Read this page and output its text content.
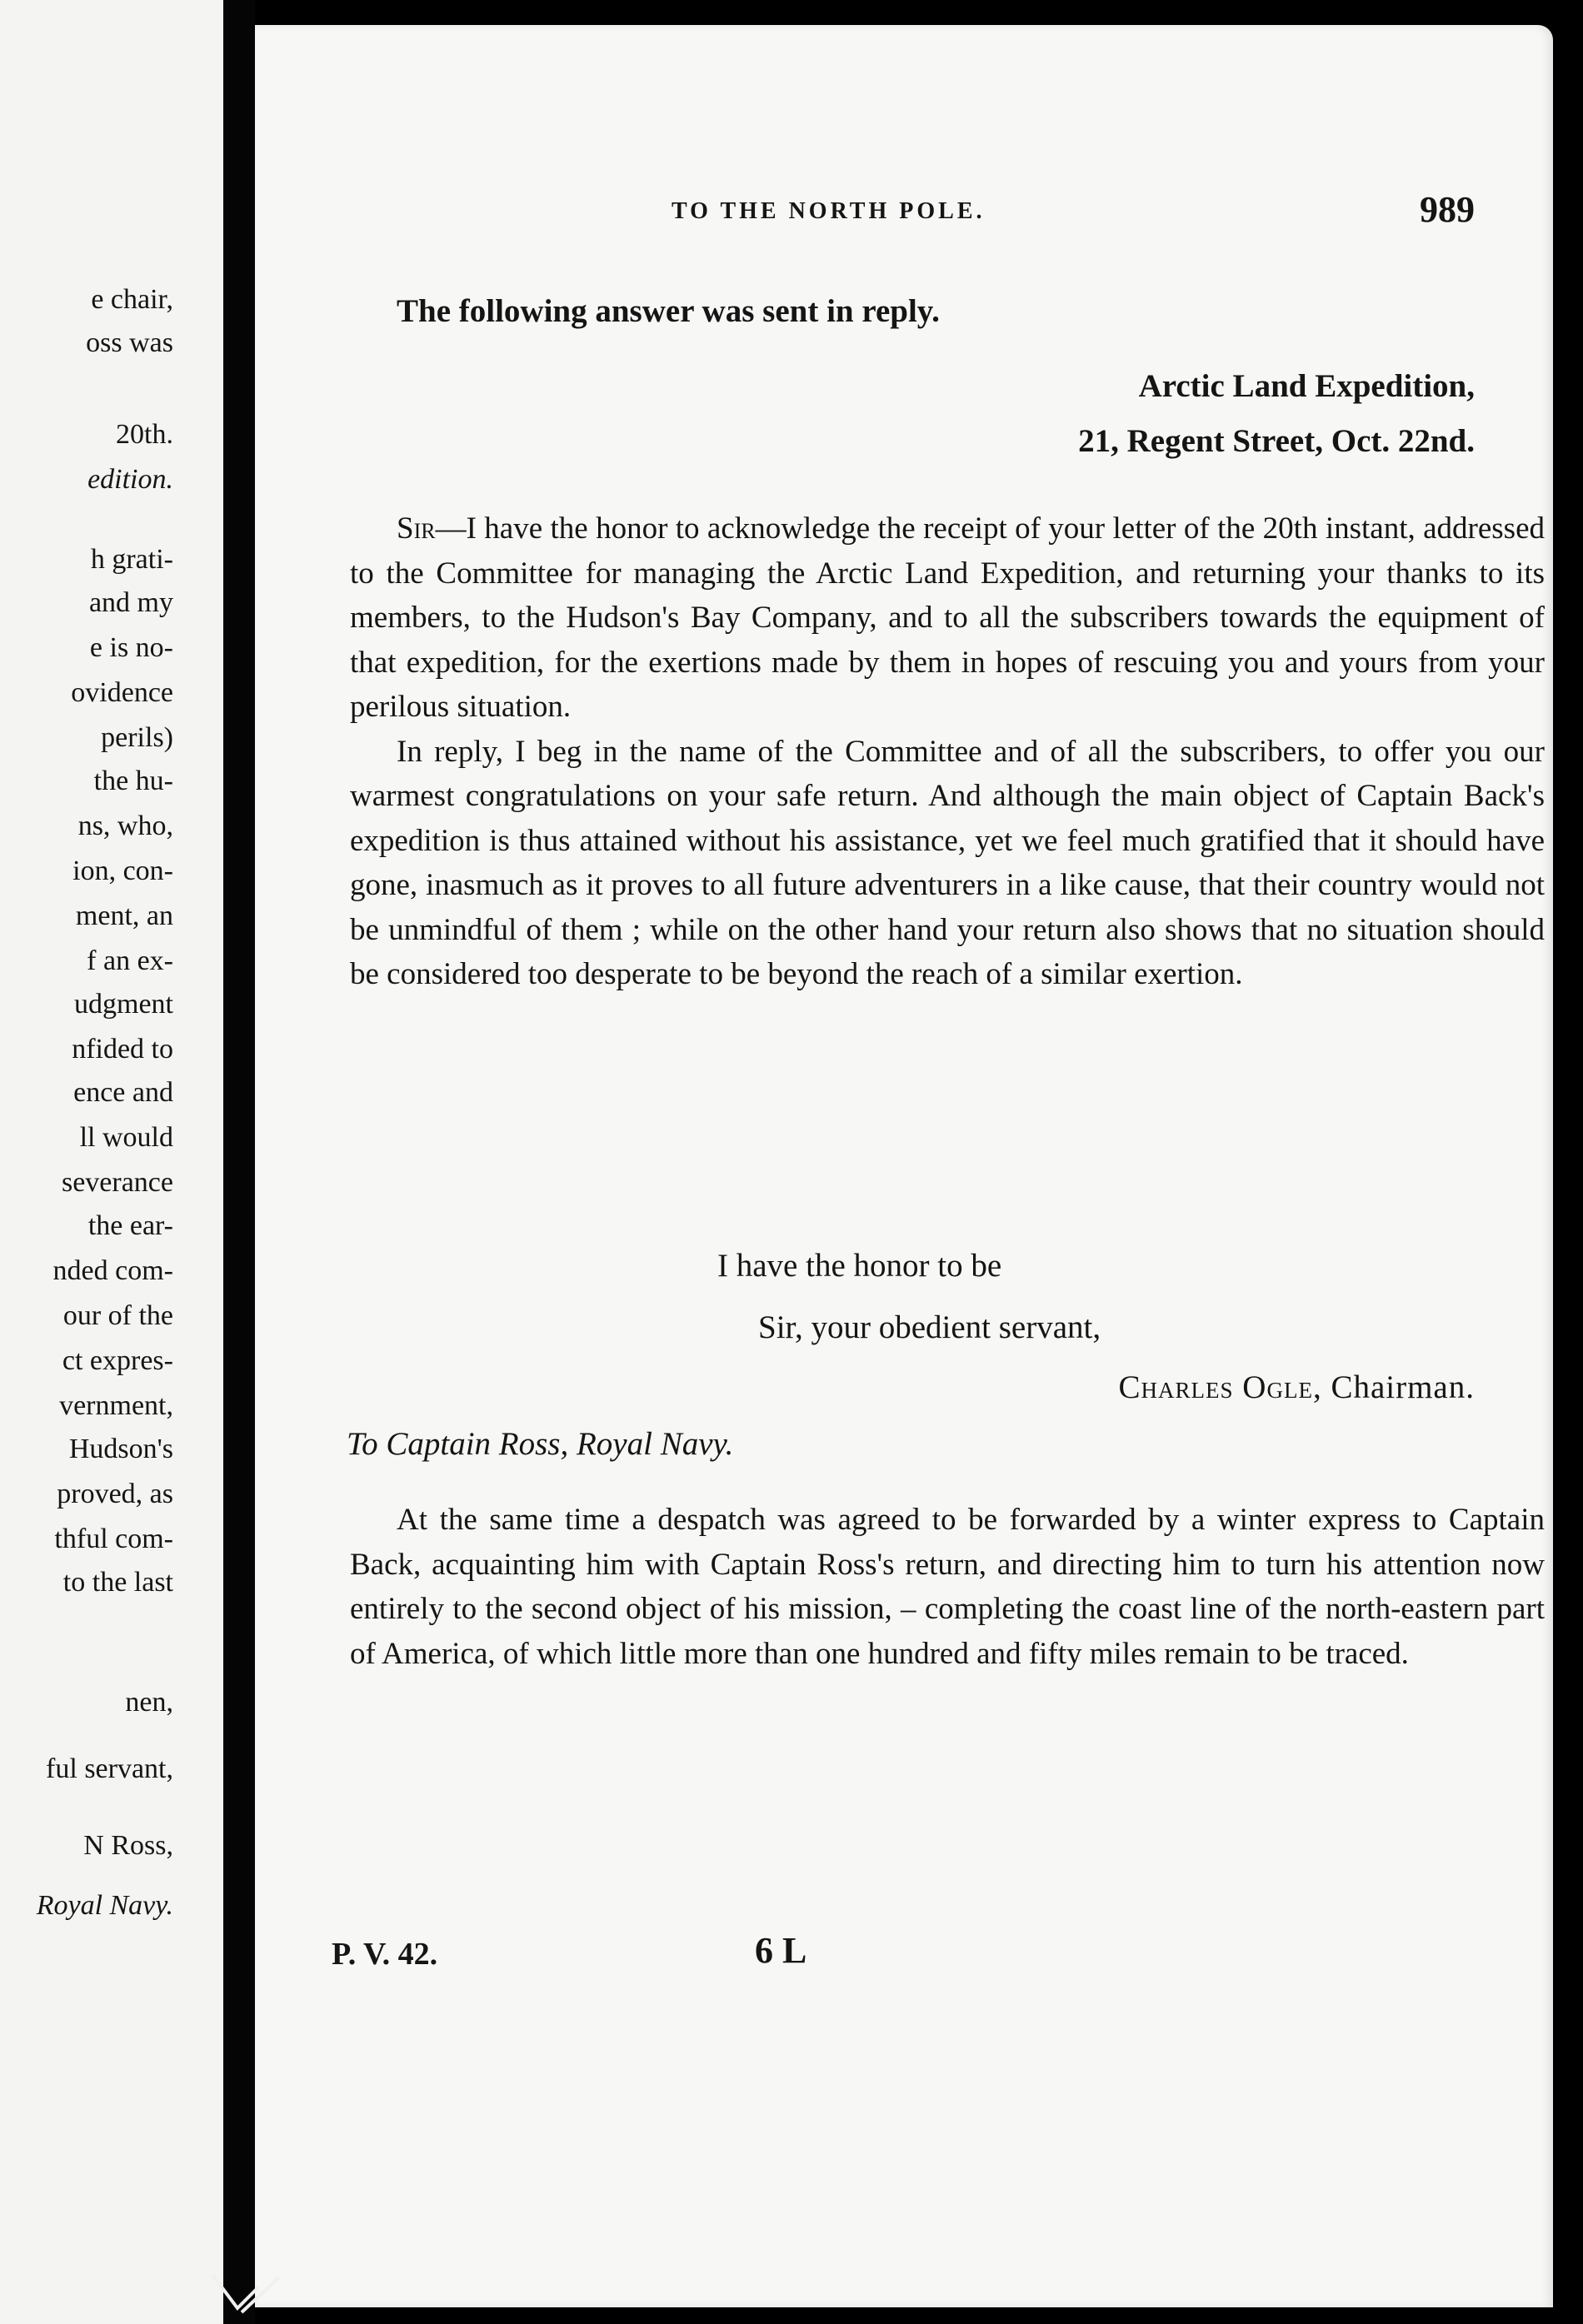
e chair,
oss was
20th.
edition.
h grati-
and my
e is no-
ovidence
perils)
the hu-
ns, who,
ion, con-
ment, an
f an ex-
udgment
nfided to
ence and
ll would
severance
the ear-
nded com-
our of the
ct expres-
vernment,
Hudson's
proved, as
thful com-
to the last
nen,
ful servant,
N Ross,
Royal Navy.
TO THE NORTH POLE.	989
The following answer was sent in reply.
Arctic Land Expedition,
21, Regent Street, Oct. 22nd.

Sir—I have the honor to acknowledge the receipt of your letter of the 20th instant, addressed to the Committee for managing the Arctic Land Expedition, and returning your thanks to its members, to the Hudson's Bay Company, and to all the subscribers towards the equipment of that expedition, for the exertions made by them in hopes of rescuing you and yours from your perilous situation.

In reply, I beg in the name of the Committee and of all the subscribers, to offer you our warmest congratulations on your safe return. And although the main object of Captain Back's expedition is thus attained without his assistance, yet we feel much gratified that it should have gone, inasmuch as it proves to all future adventurers in a like cause, that their country would not be unmindful of them ; while on the other hand your return also shows that no situation should be considered too desperate to be beyond the reach of a similar exertion.

I have the honor to be
Sir, your obedient servant,
Charles Ogle, Chairman.
To Captain Ross, Royal Navy.

At the same time a despatch was agreed to be forwarded by a winter express to Captain Back, acquainting him with Captain Ross's return, and directing him to turn his attention now entirely to the second object of his mission, – completing the coast line of the north-eastern part of America, of which little more than one hundred and fifty miles remain to be traced.

P. V. 42.	6 L
